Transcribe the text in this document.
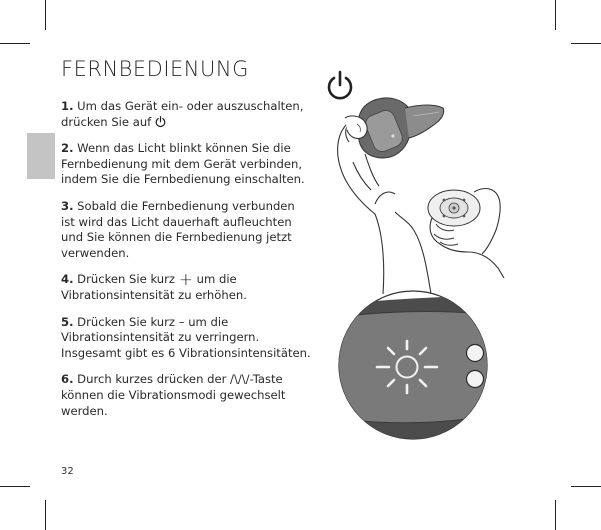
FERNBEDIENUNG

1. Um das Gerät ein- oder auszuschalten, drücken Sie auf

2. Wenn das Licht blinkt können Sie die Fernbedienung mit dem Gerät verbinden, indem Sie die Fernbedienung einschalten.

3. Sobald die Fernbedienung verbunden ist wird das Licht dauerhaft aufleuchten und Sie können die Fernbedienung jetzt verwenden.

4. Drücken Sie kurz + um die Vibrationsintensität zu erhöhen.

5. Drücken Sie kurz – um die Vibrationsintensität zu verringern. Insgesamt gibt es 6 Vibrationsintensitäten.

6. Durch kurzes drücken der /\/\/-Taste können die Vibrationsmodi gewechselt werden.

32
